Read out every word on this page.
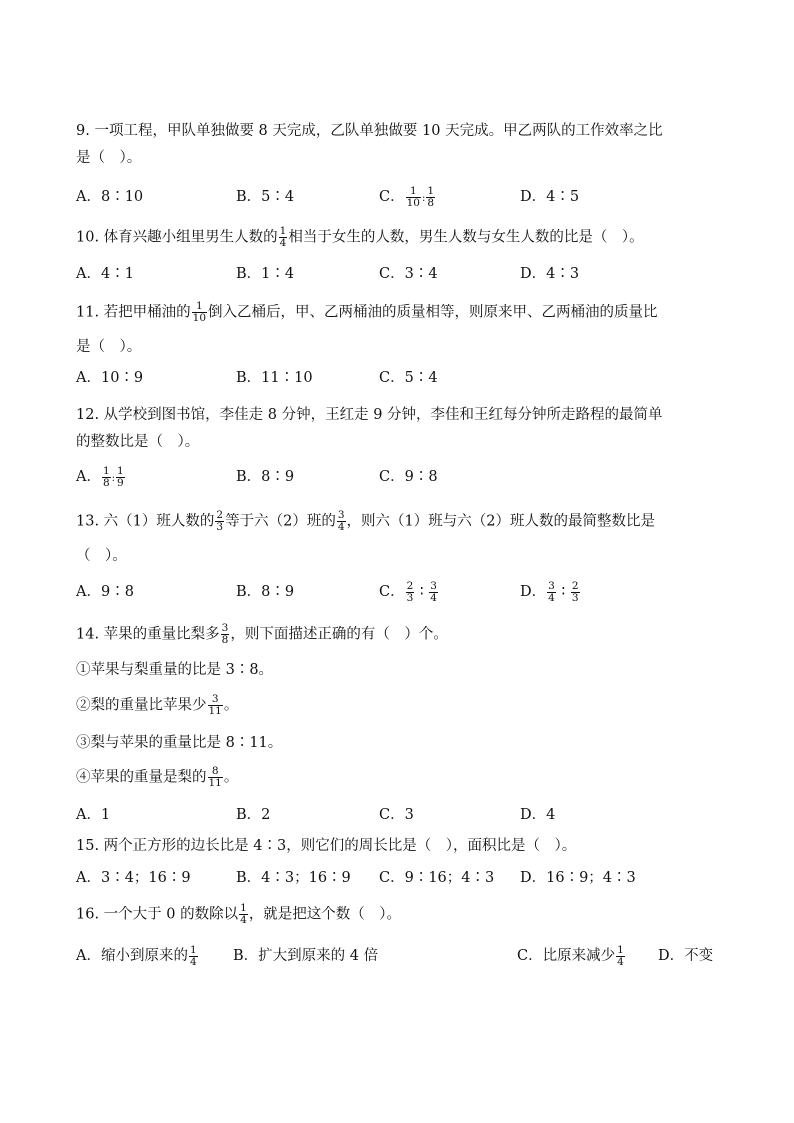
9. 一项工程，甲队单独做要 8 天完成，乙队单独做要 10 天完成。甲乙两队的工作效率之比
是（　）。
A．8∶10	B．5∶4	C． $\frac{1}{10}$ : $\frac{1}{8}$	D．4∶5
10. 体育兴趣小组里男生人数的 $\frac{1}{4}$ 相当于女生的人数，男生人数与女生人数的比是（　）。
A．4∶1	B．1∶4	C．3∶4	D．4∶3
11. 若把甲桶油的 $\frac{1}{10}$ 倒入乙桶后，甲、乙两桶油的质量相等，则原来甲、乙两桶油的质量比
是（　）。
A．10∶9	B．11∶10	C．5∶4
12. 从学校到图书馆，李佳走 8 分钟，王红走 9 分钟，李佳和王红每分钟所走路程的最简单
的整数比是（　）。
A． $\frac{1}{8}$ : $\frac{1}{9}$	B．8∶9	C．9∶8
13. 六（1）班人数的 $\frac{2}{3}$ 等于六（2）班的 $\frac{3}{4}$ ，则六（1）班与六（2）班人数的最简整数比是
（　）。
A．9∶8	B．8∶9	C． $\frac{2}{3}$ ∶ $\frac{3}{4}$	D． $\frac{3}{4}$ ∶ $\frac{2}{3}$
14. 苹果的重量比梨多 $\frac{3}{8}$ ，则下面描述正确的有（　）个。
①苹果与梨重量的比是 3∶8。
②梨的重量比苹果少 $\frac{3}{11}$ 。
③梨与苹果的重量比是 8∶11。
④苹果的重量是梨的 $\frac{8}{11}$ 。
A．1	B．2	C．3	D．4
15. 两个正方形的边长比是 4∶3，则它们的周长比是（　），面积比是（　）。
A．3∶4；16∶9	B．4∶3；16∶9 C．9∶16；4∶3 D．16∶9；4∶3
16. 一个大于 0 的数除以 $\frac{1}{4}$ ，就是把这个数（　）。
A．缩小到原来的 $\frac{1}{4}$ B．扩大到原来的 4 倍	C．比原来减少 $\frac{1}{4}$ D．不变
